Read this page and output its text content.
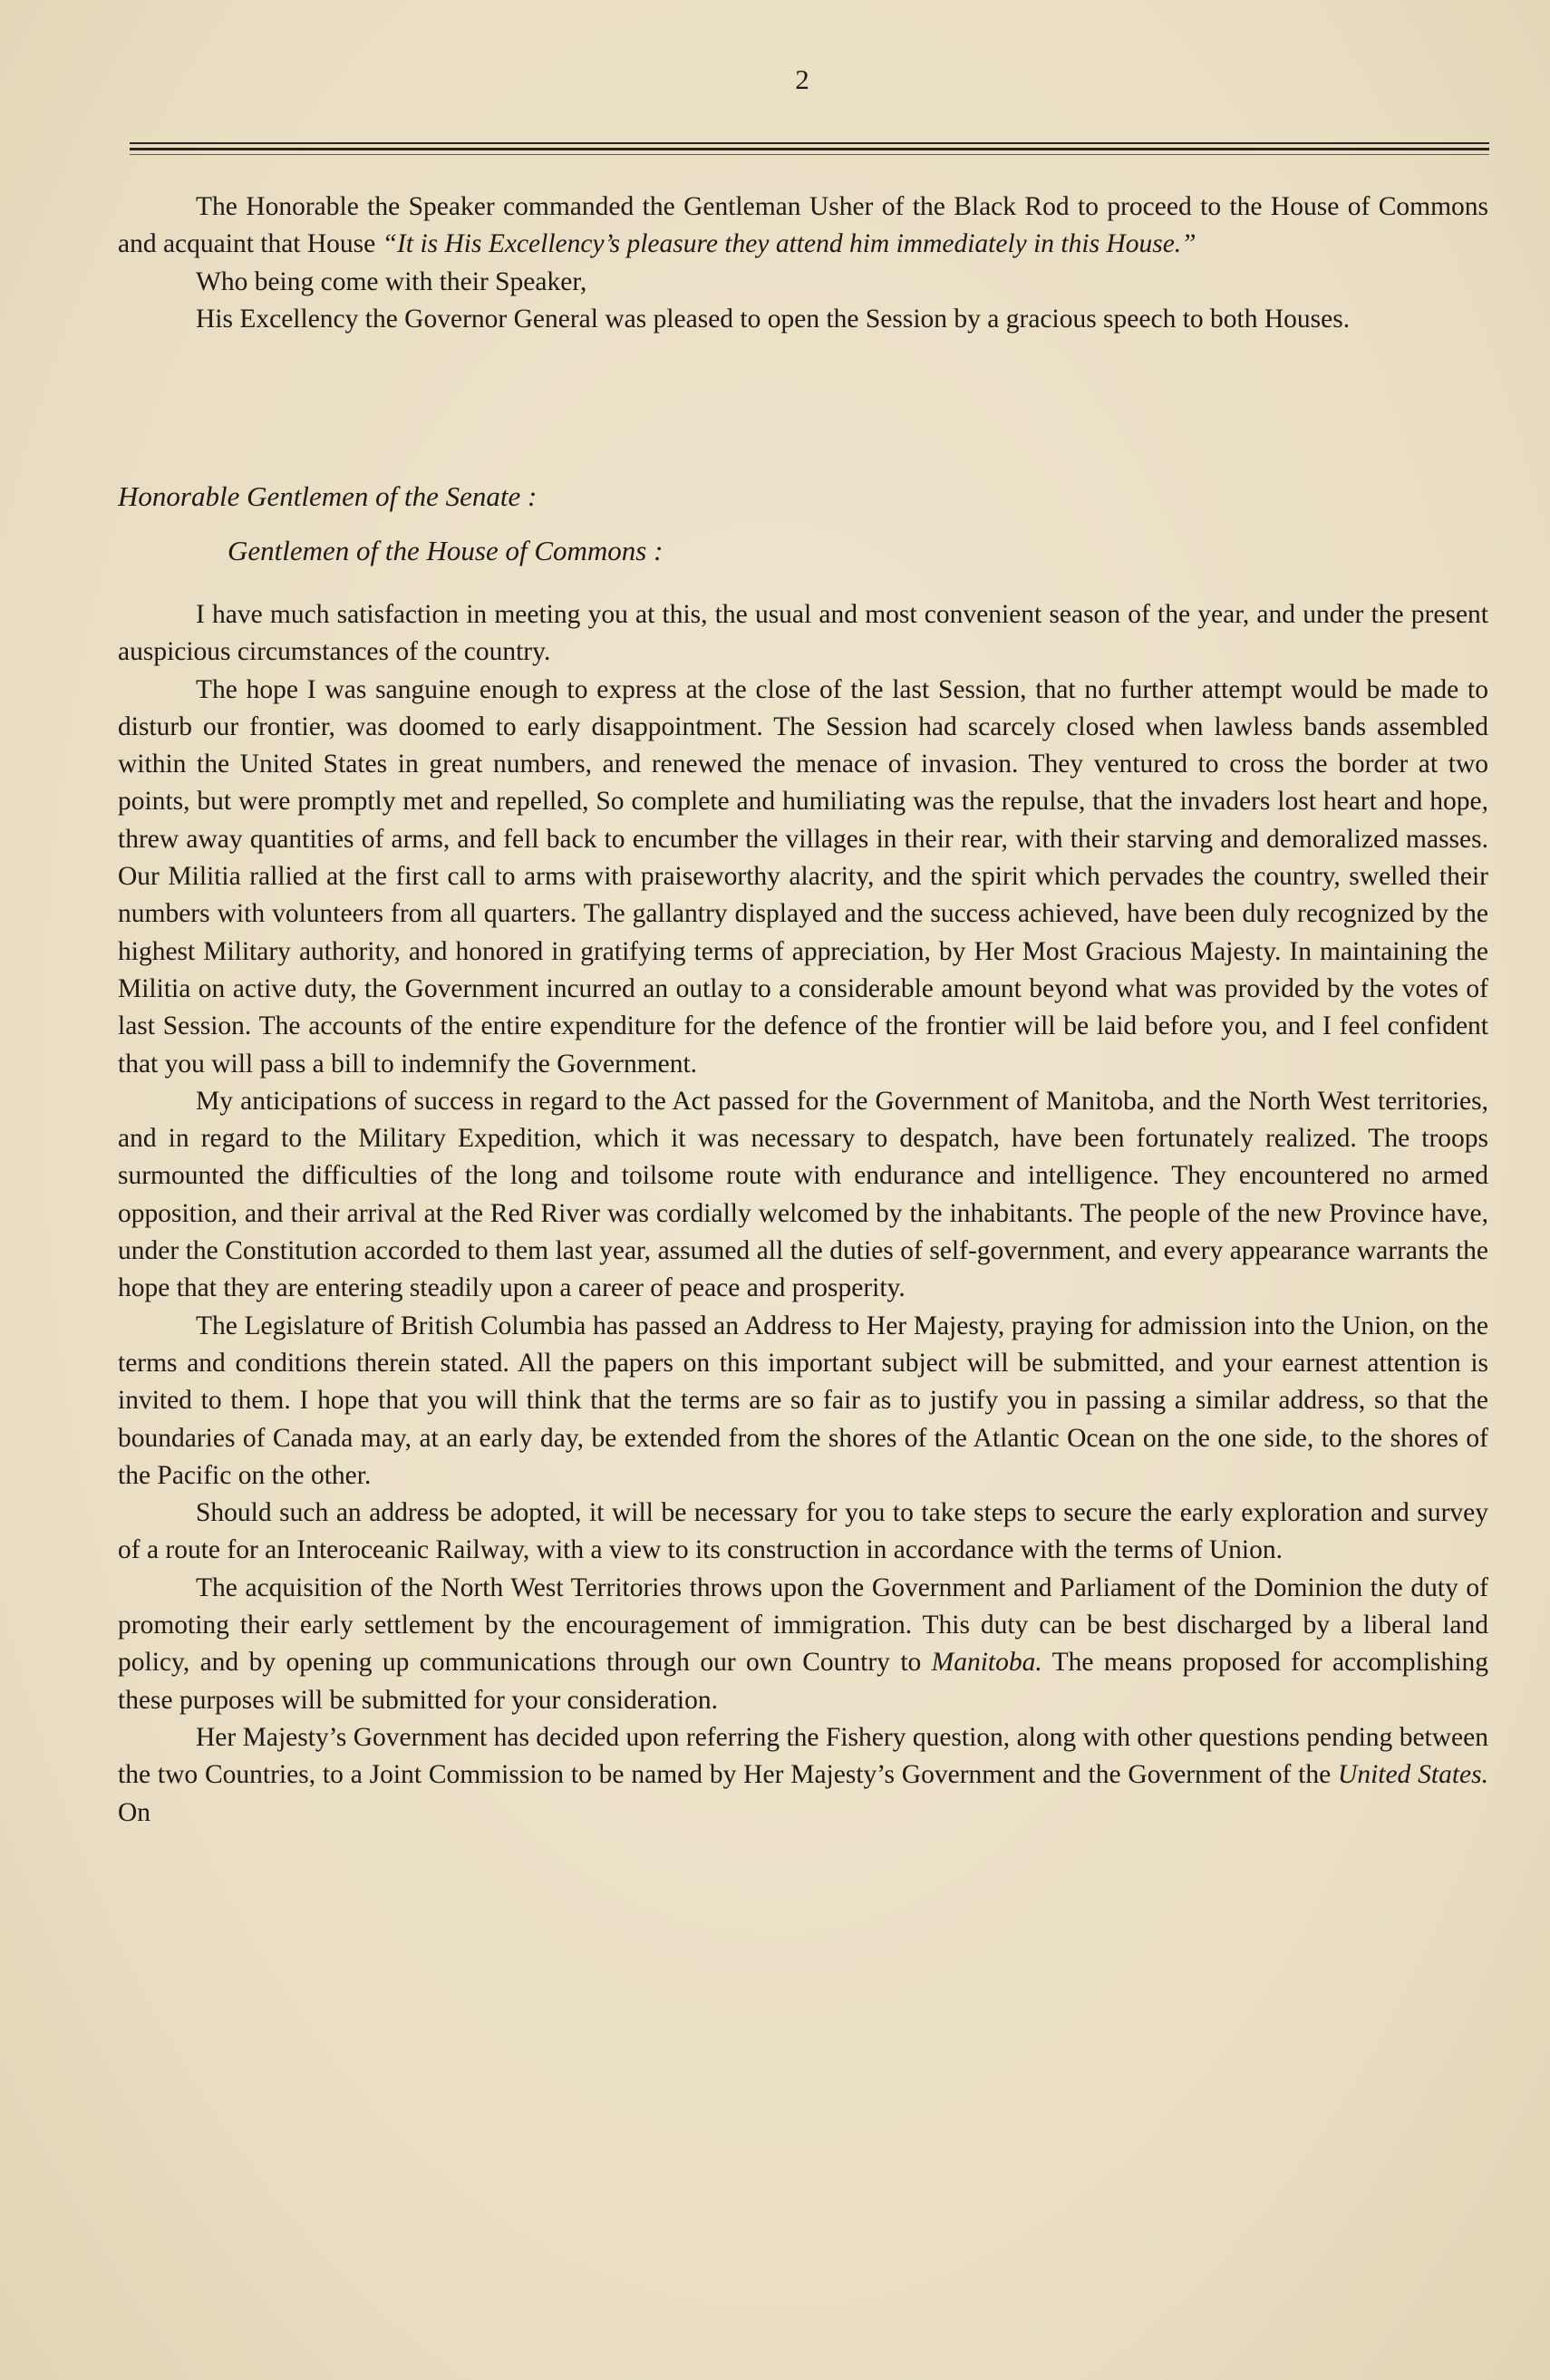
2

The Honorable the Speaker commanded the Gentleman Usher of the Black Rod to proceed to the House of Commons and acquaint that House “It is His Excellency’s pleasure they attend him immediately in this House.”

Who being come with their Speaker,

His Excellency the Governor General was pleased to open the Session by a gracious speech to both Houses.

Honorable Gentlemen of the Senate :
Gentlemen of the House of Commons :

I have much satisfaction in meeting you at this, the usual and most convenient season of the year, and under the present auspicious circumstances of the country.

The hope I was sanguine enough to express at the close of the last Session, that no further attempt would be made to disturb our frontier, was doomed to early disappointment. The Session had scarcely closed when lawless bands assembled within the United States in great numbers, and renewed the menace of invasion. They ventured to cross the border at two points, but were promptly met and repelled, So complete and humiliating was the repulse, that the invaders lost heart and hope, threw away quantities of arms, and fell back to encumber the villages in their rear, with their starving and demoralized masses. Our Militia rallied at the first call to arms with praiseworthy alacrity, and the spirit which pervades the country, swelled their numbers with volunteers from all quarters. The gallantry displayed and the success achieved, have been duly recognized by the highest Military authority, and honored in gratifying terms of appreciation, by Her Most Gracious Majesty. In maintaining the Militia on active duty, the Government incurred an outlay to a considerable amount beyond what was provided by the votes of last Session. The accounts of the entire expenditure for the defence of the frontier will be laid before you, and I feel confident that you will pass a bill to indemnify the Government.

My anticipations of success in regard to the Act passed for the Government of Manitoba, and the North West territories, and in regard to the Military Expedition, which it was necessary to despatch, have been fortunately realized. The troops surmounted the difficulties of the long and toilsome route with endurance and intelligence. They encountered no armed opposition, and their arrival at the Red River was cordially welcomed by the inhabitants. The people of the new Province have, under the Constitution accorded to them last year, assumed all the duties of self-government, and every appearance warrants the hope that they are entering steadily upon a career of peace and prosperity.

The Legislature of British Columbia has passed an Address to Her Majesty, praying for admission into the Union, on the terms and conditions therein stated. All the papers on this important subject will be submitted, and your earnest attention is invited to them. I hope that you will think that the terms are so fair as to justify you in passing a similar address, so that the boundaries of Canada may, at an early day, be extended from the shores of the Atlantic Ocean on the one side, to the shores of the Pacific on the other.

Should such an address be adopted, it will be necessary for you to take steps to secure the early exploration and survey of a route for an Interoceanic Railway, with a view to its construction in accordance with the terms of Union.

The acquisition of the North West Territories throws upon the Government and Parliament of the Dominion the duty of promoting their early settlement by the encouragement of immigration. This duty can be best discharged by a liberal land policy, and by opening up communications through our own Country to Manitoba. The means proposed for accomplishing these purposes will be submitted for your consideration.

Her Majesty’s Government has decided upon referring the Fishery question, along with other questions pending between the two Countries, to a Joint Commission to be named by Her Majesty’s Government and the Government of the United States. On
